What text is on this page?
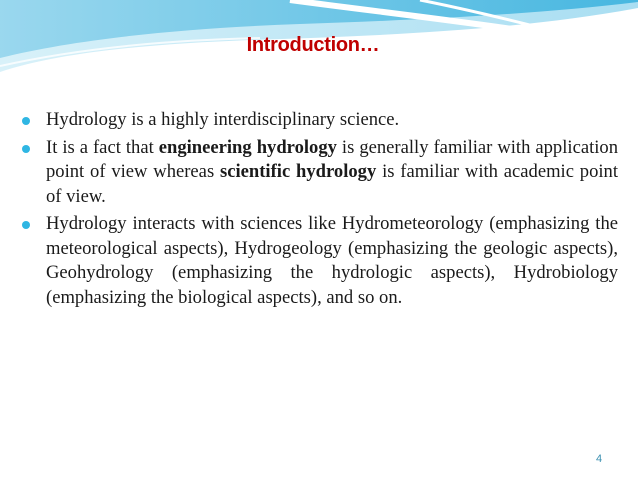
Introduction…
Hydrology is a highly interdisciplinary science.
It is a fact that engineering hydrology is generally familiar with application point of view whereas scientific hydrology is familiar with academic point of view.
Hydrology interacts with sciences like Hydrometeorology (emphasizing the meteorological aspects), Hydrogeology (emphasizing the geologic aspects), Geohydrology (emphasizing the hydrologic aspects), Hydrobiology (emphasizing the biological aspects), and so on.
4
